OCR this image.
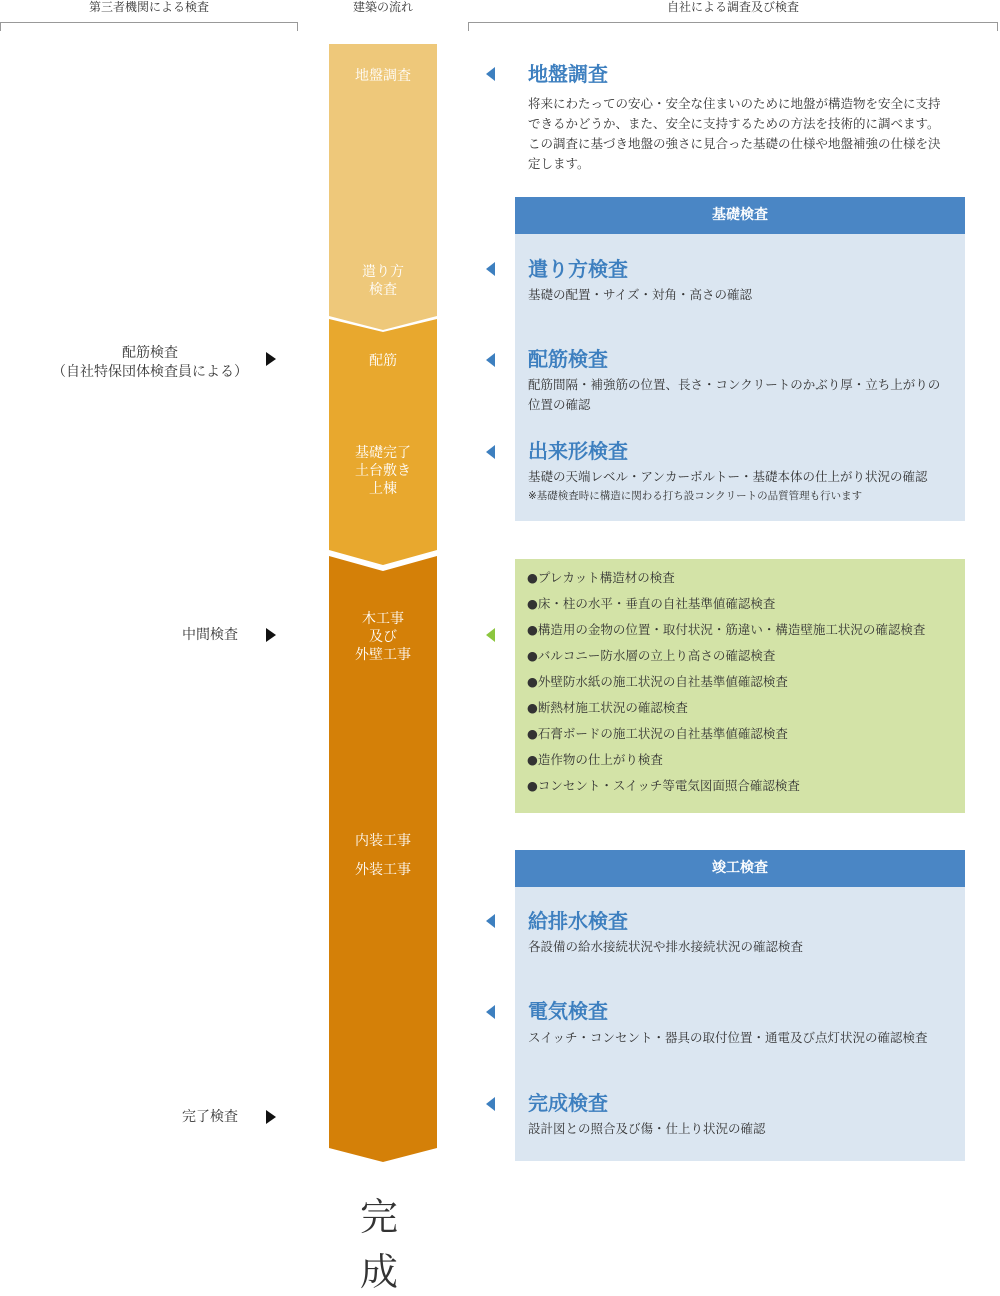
第三者機関による検査	建築の流れ	自社による調査及び検査
地盤調査
遣り方
検査
配筋
基礎完了
土台敷き
上棟
木工事
及び
外壁工事
内装工事
外装工事
完 成
配筋検査
（自社特保団体検査員による）
中間検査
完了検査
地盤調査
将来にわたっての安心・安全な住まいのために地盤が構造物を安全に支持
できるかどうか、また、安全に支持するための方法を技術的に調べます。
この調査に基づき地盤の強さに見合った基礎の仕様や地盤補強の仕様を決
定します。
基礎検査
遣り方検査
基礎の配置・サイズ・対角・高さの確認
配筋検査
配筋間隔・補強筋の位置、長さ・コンクリートのかぶり厚・立ち上がりの
位置の確認
出来形検査
基礎の天端レベル・アンカーボルトー・基礎本体の仕上がり状況の確認
※基礎検査時に構造に関わる打ち設コンクリートの品質管理も行います
●プレカット構造材の検査
●床・柱の水平・垂直の自社基準値確認検査
●構造用の金物の位置・取付状況・筋違い・構造壁施工状況の確認検査
●バルコニー防水層の立上り高さの確認検査
●外壁防水紙の施工状況の自社基準値確認検査
●断熱材施工状況の確認検査
●石膏ボードの施工状況の自社基準値確認検査
●造作物の仕上がり検査
●コンセント・スイッチ等電気図面照合確認検査
竣工検査
給排水検査
各設備の給水接続状況や排水接続状況の確認検査
電気検査
スイッチ・コンセント・器具の取付位置・通電及び点灯状況の確認検査
完成検査
設計図との照合及び傷・仕上り状況の確認
